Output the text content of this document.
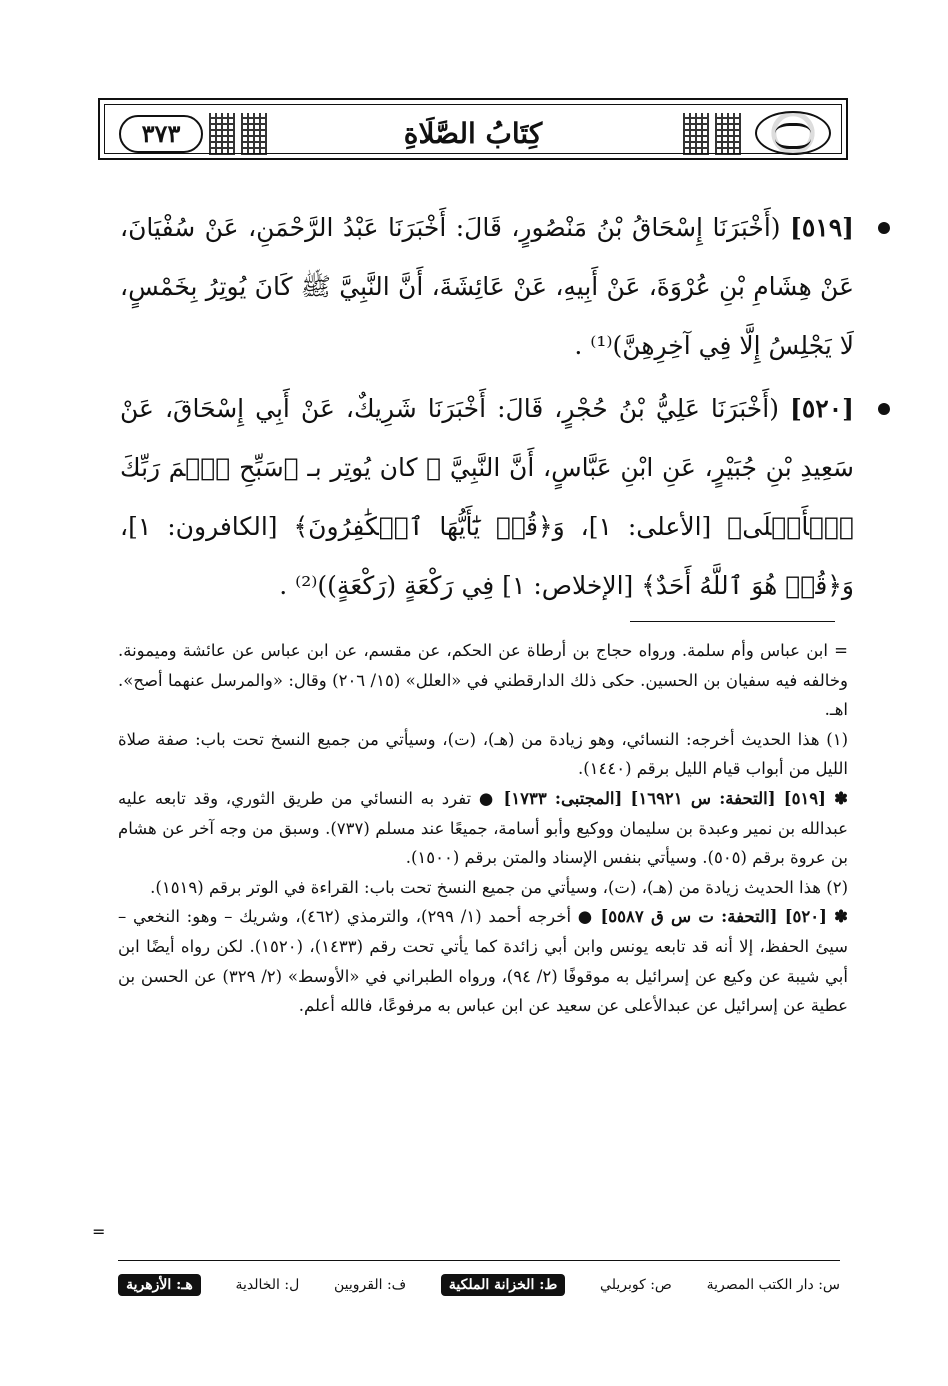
٣٧٣	كِتَابُ الصَّلَاةِ
[٥١٩] (أَخْبَرَنَا إِسْحَاقُ بْنُ مَنْصُورٍ، قَالَ: أَخْبَرَنَا عَبْدُ الرَّحْمَنِ، عَنْ سُفْيَانَ، عَنْ هِشَامِ بْنِ عُرْوَةَ، عَنْ أَبِيهِ، عَنْ عَائِشَةَ، أَنَّ النَّبِيَّ ﷺ كَانَ يُوتِرُ بِخَمْسٍ، لَا يَجْلِسُ إِلَّا فِي آخِرِهِنَّ)⁽¹⁾ .
[٥٢٠] (أَخْبَرَنَا عَلِيُّ بْنُ حُجْرٍ، قَالَ: أَخْبَرَنَا شَرِيكٌ، عَنْ أَبِي إِسْحَاقَ، عَنْ سَعِيدِ بْنِ جُبَيْرٍ، عَنِ ابْنِ عَبَّاسٍ، أَنَّ النَّبِيَّ ﷺ كان يُوتِر بـ ﴿سَبِّحِ ٱسۡمَ رَبِّكَ ٱلۡأَعۡلَى﴾ [الأعلى: ١]، وَ﴿قُلۡ يَٰٓأَيُّهَا ٱلۡكَٰفِرُونَ﴾ [الكافرون: ١]، وَ﴿قُلۡ هُوَ ٱللَّهُ أَحَدٌ﴾ [الإخلاص: ١] فِي رَكْعَةٍ (رَكْعَةٍ))⁽²⁾ .

= ابن عباس وأم سلمة. ورواه حجاج بن أرطاة عن الحكم، عن مقسم، عن ابن عباس عن عائشة وميمونة. وخالفه فيه سفيان بن الحسين. حكى ذلك الدارقطني في «العلل» (١٥/ ٢٠٦) وقال: «والمرسل عنهما أصح». اهـ.

(١) هذا الحديث أخرجه: النسائي، وهو زيادة من (هـ)، (ت)، وسيأتي من جميع النسخ تحت باب: صفة صلاة الليل من أبواب قيام الليل برقم (١٤٤٠).

✽ [٥١٩] [التحفة: س ١٦٩٢١] [المجتبى: ١٧٣٣] ● تفرد به النسائي من طريق الثوري، وقد تابعه عليه عبدالله بن نمير وعبدة بن سليمان ووكيع وأبو أسامة، جميعًا عند مسلم (٧٣٧). وسبق من وجه آخر عن هشام بن عروة برقم (٥٠٥). وسيأتي بنفس الإسناد والمتن برقم (١٥٠٠).

(٢) هذا الحديث زيادة من (هـ)، (ت)، وسيأتي من جميع النسخ تحت باب: القراءة في الوتر برقم (١٥١٩).

✽ [٥٢٠] [التحفة: ت س ق ٥٥٨٧] ● أخرجه أحمد (١/ ٢٩٩)، والترمذي (٤٦٢)، وشريك – وهو: النخعي – سيئ الحفظ، إلا أنه قد تابعه يونس وابن أبي زائدة كما يأتي تحت رقم (١٤٣٣)، (١٥٢٠). لكن رواه أيضًا ابن أبي شيبة عن وكيع عن إسرائيل به موقوفًا (٢/ ٩٤)، ورواه الطبراني في «الأوسط» (٢/ ٣٢٩) عن الحسن بن عطية عن إسرائيل عن عبدالأعلى عن سعيد عن ابن عباس به مرفوعًا، فالله أعلم.

=
س: دار الكتب المصرية
ص: كوبريلي
ط: الخزانة الملكية
ف: القرويين
ل: الخالدية
هـ: الأزهرية
